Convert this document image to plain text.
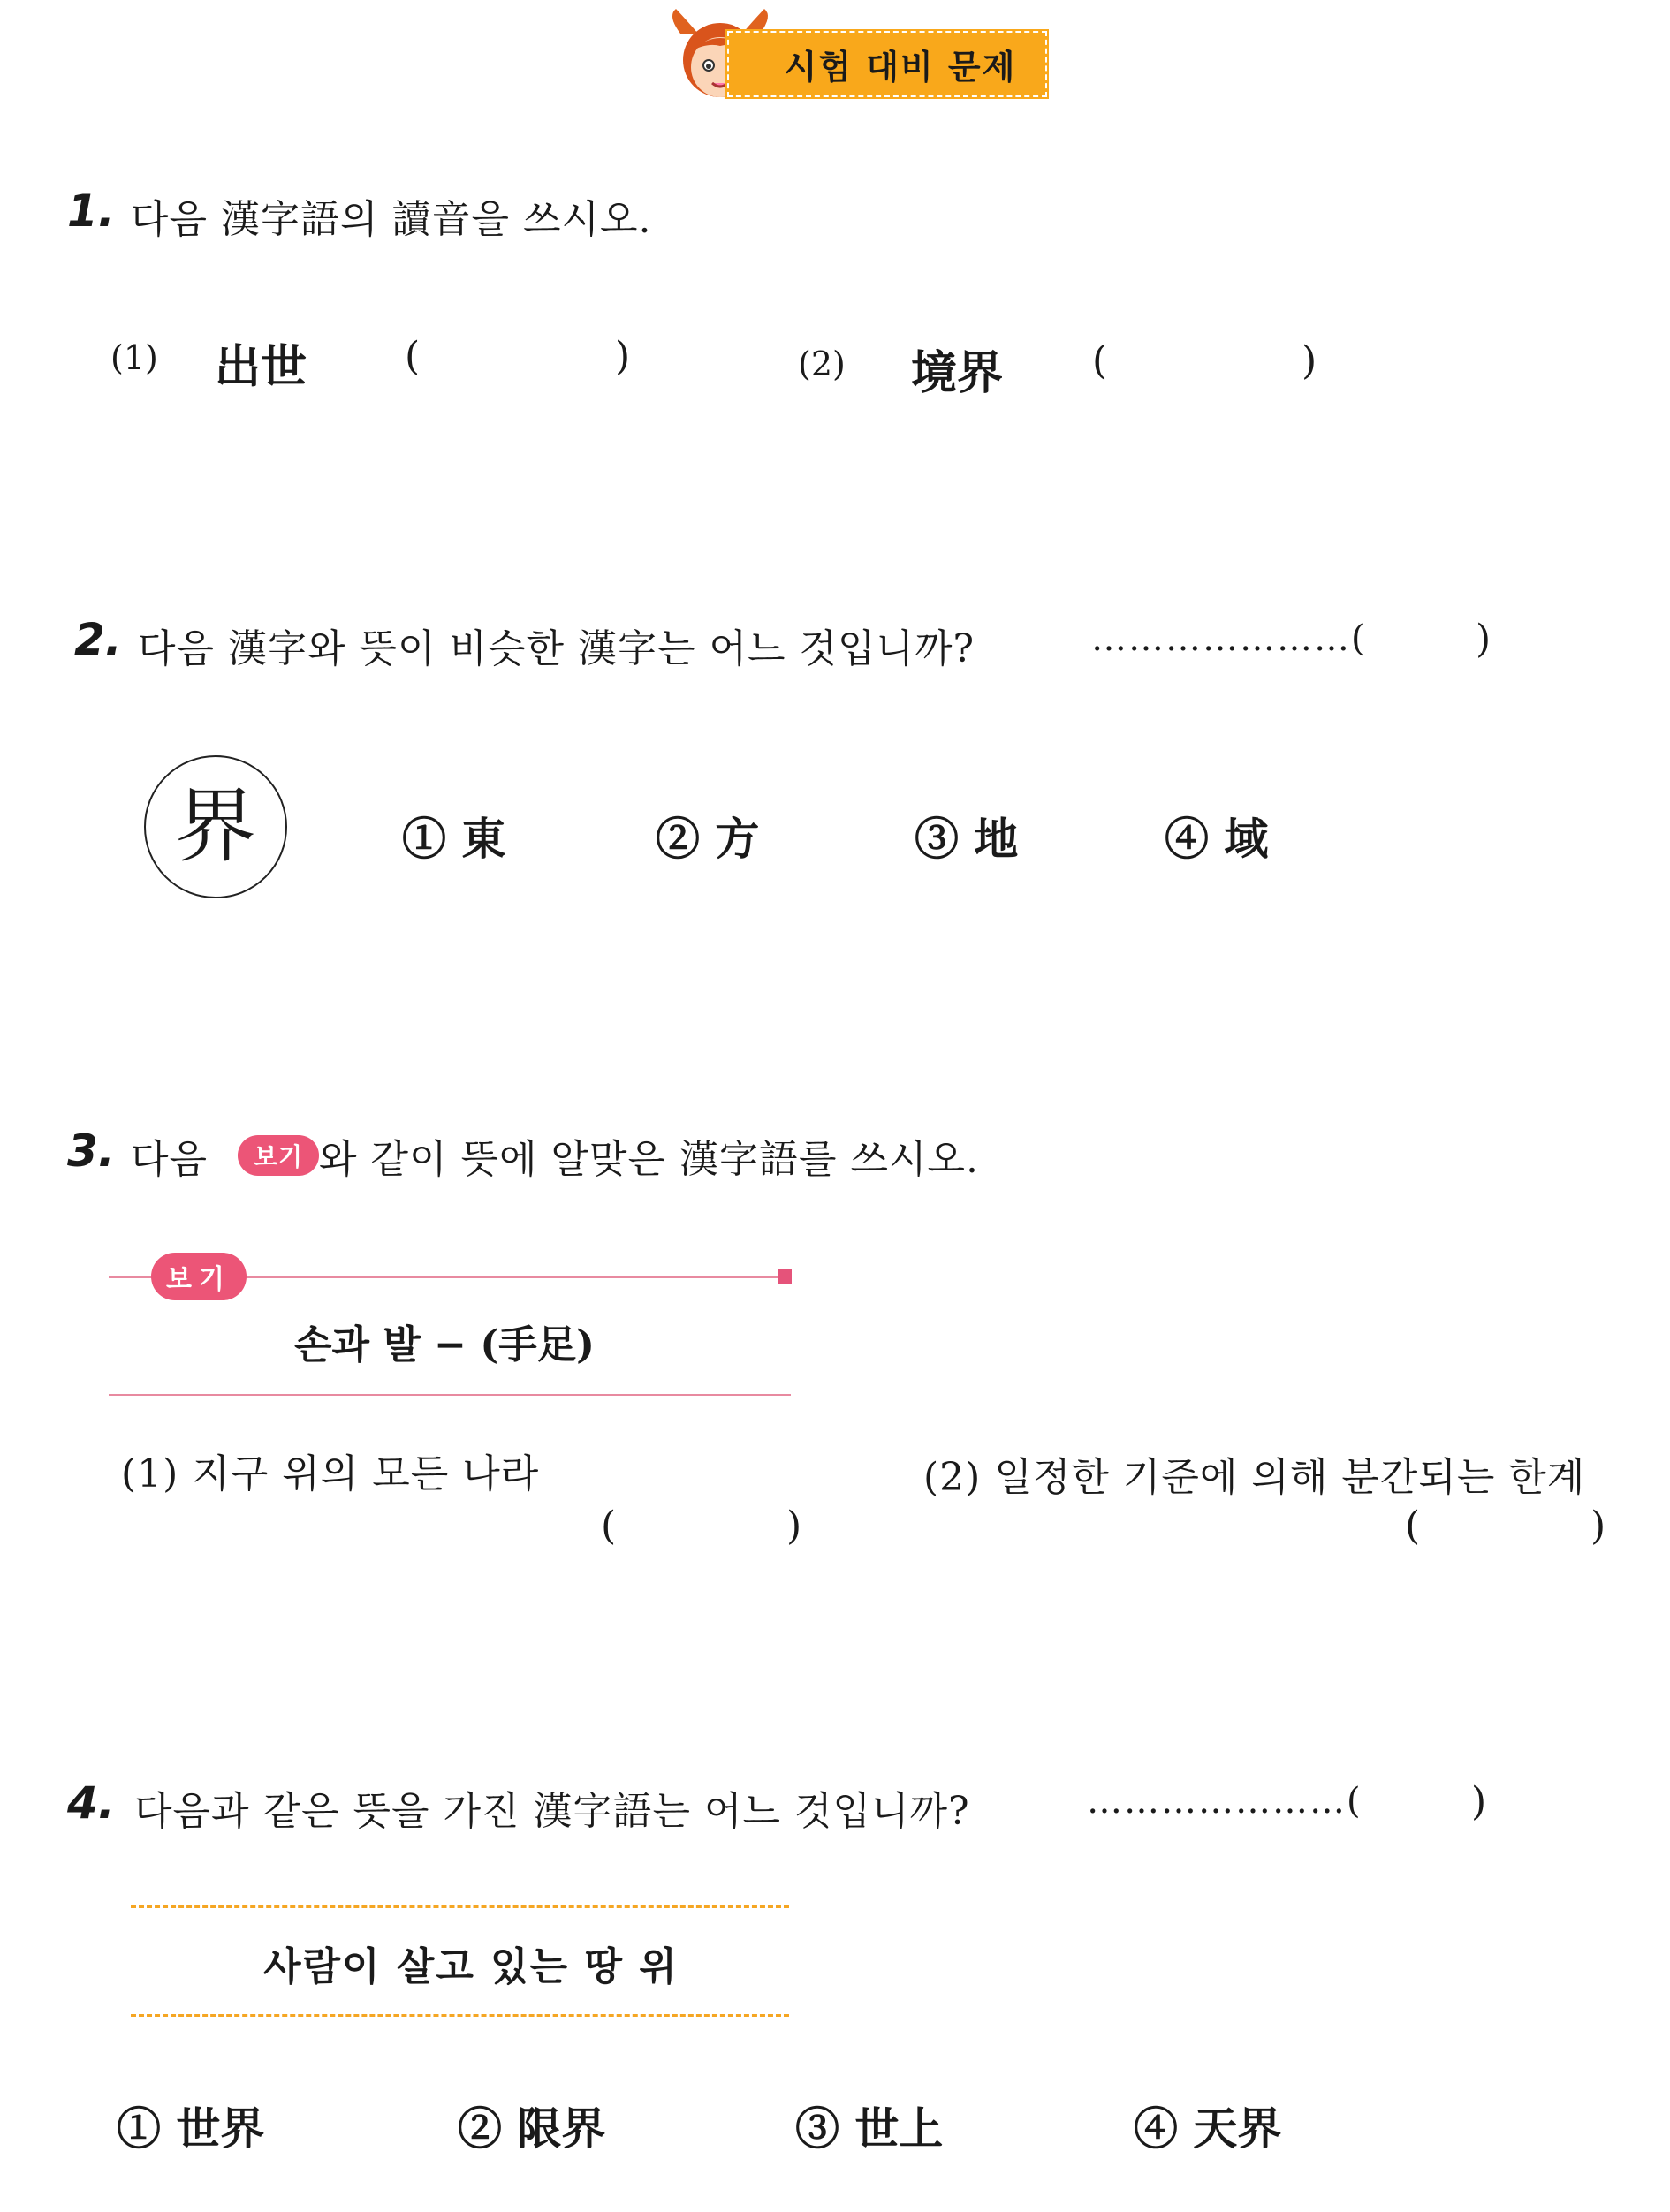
시험 대비 문제
1. 다음 漢字語의 讀音을 쓰시오.
(1) 出世	(	)	(2) 境界 (	)
2. 다음 漢字와 뜻이 비슷한 漢字는 어느 것입니까?	…………………(	)
界	① 東	② 方	③ 地	④ 域
3. 다음	보기 와 같이 뜻에 알맞은 漢字語를 쓰시오.
보기
손과 발 − (手足)
(1) 지구 위의 모든 나라
(	)
(2) 일정한 기준에 의해 분간되는 한계
(	)
4. 다음과 같은 뜻을 가진 漢字語는 어느 것입니까?	…………………(	)
사람이 살고 있는 땅 위
① 世界	② 限界	③ 世上	④ 天界
